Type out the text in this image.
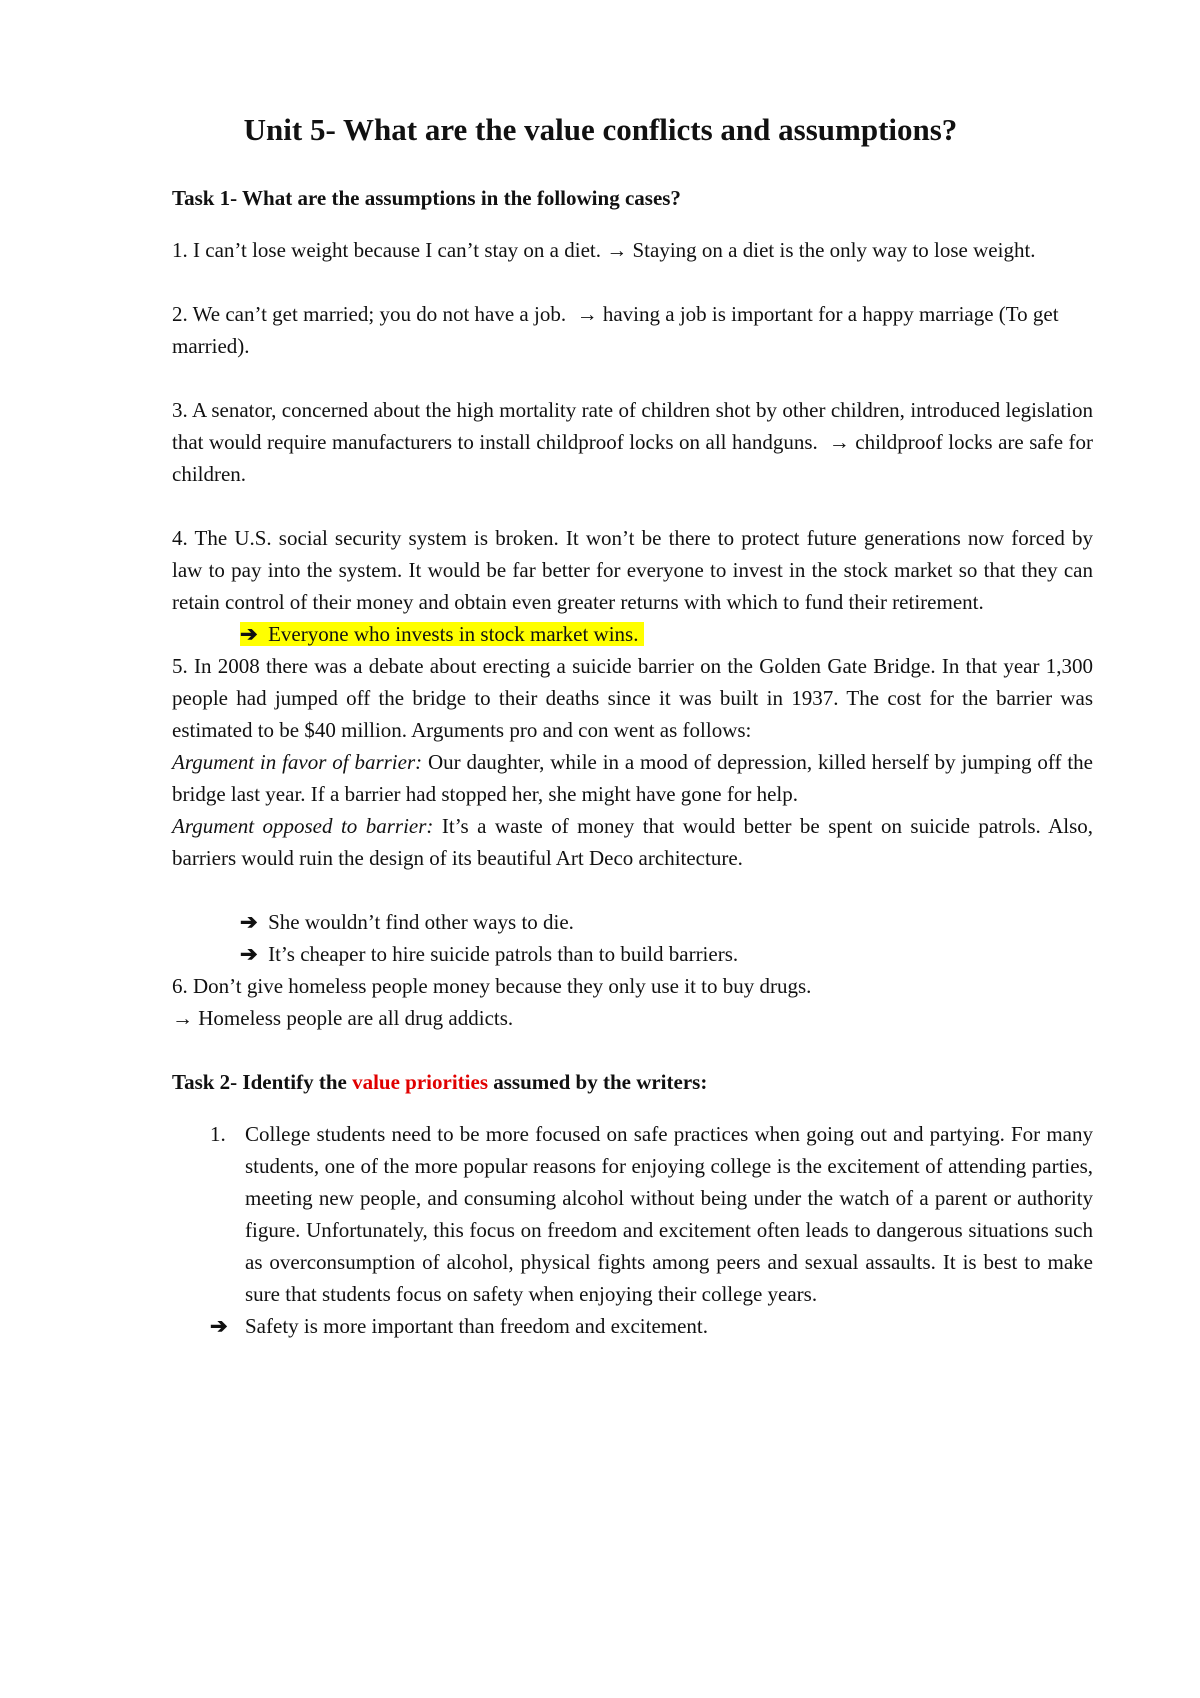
Unit 5- What are the value conflicts and assumptions?
Task 1- What are the assumptions in the following cases?

1. I can’t lose weight because I can’t stay on a diet. → Staying on a diet is the only way to lose weight.

2. We can’t get married; you do not have a job. → having a job is important for a happy marriage (To get married).

3. A senator, concerned about the high mortality rate of children shot by other children, introduced legislation that would require manufacturers to install childproof locks on all handguns. → childproof locks are safe for children.

4. The U.S. social security system is broken. It won’t be there to protect future generations now forced by law to pay into the system. It would be far better for everyone to invest in the stock market so that they can retain control of their money and obtain even greater returns with which to fund their retirement.

➔ Everyone who invests in stock market wins.

5. In 2008 there was a debate about erecting a suicide barrier on the Golden Gate Bridge. In that year 1,300 people had jumped off the bridge to their deaths since it was built in 1937. The cost for the barrier was estimated to be $40 million. Arguments pro and con went as follows:
Argument in favor of barrier: Our daughter, while in a mood of depression, killed herself by jumping off the bridge last year. If a barrier had stopped her, she might have gone for help.
Argument opposed to barrier: It’s a waste of money that would better be spent on suicide patrols. Also, barriers would ruin the design of its beautiful Art Deco architecture.

➔ She wouldn’t find other ways to die.

➔ It’s cheaper to hire suicide patrols than to build barriers.

6. Don’t give homeless people money because they only use it to buy drugs.

→ Homeless people are all drug addicts.

Task 2- Identify the value priorities assumed by the writers:
1. College students need to be more focused on safe practices when going out and partying. For many students, one of the more popular reasons for enjoying college is the excitement of attending parties, meeting new people, and consuming alcohol without being under the watch of a parent or authority figure. Unfortunately, this focus on freedom and excitement often leads to dangerous situations such as overconsumption of alcohol, physical fights among peers and sexual assaults. It is best to make sure that students focus on safety when enjoying their college years.
➔ Safety is more important than freedom and excitement.
